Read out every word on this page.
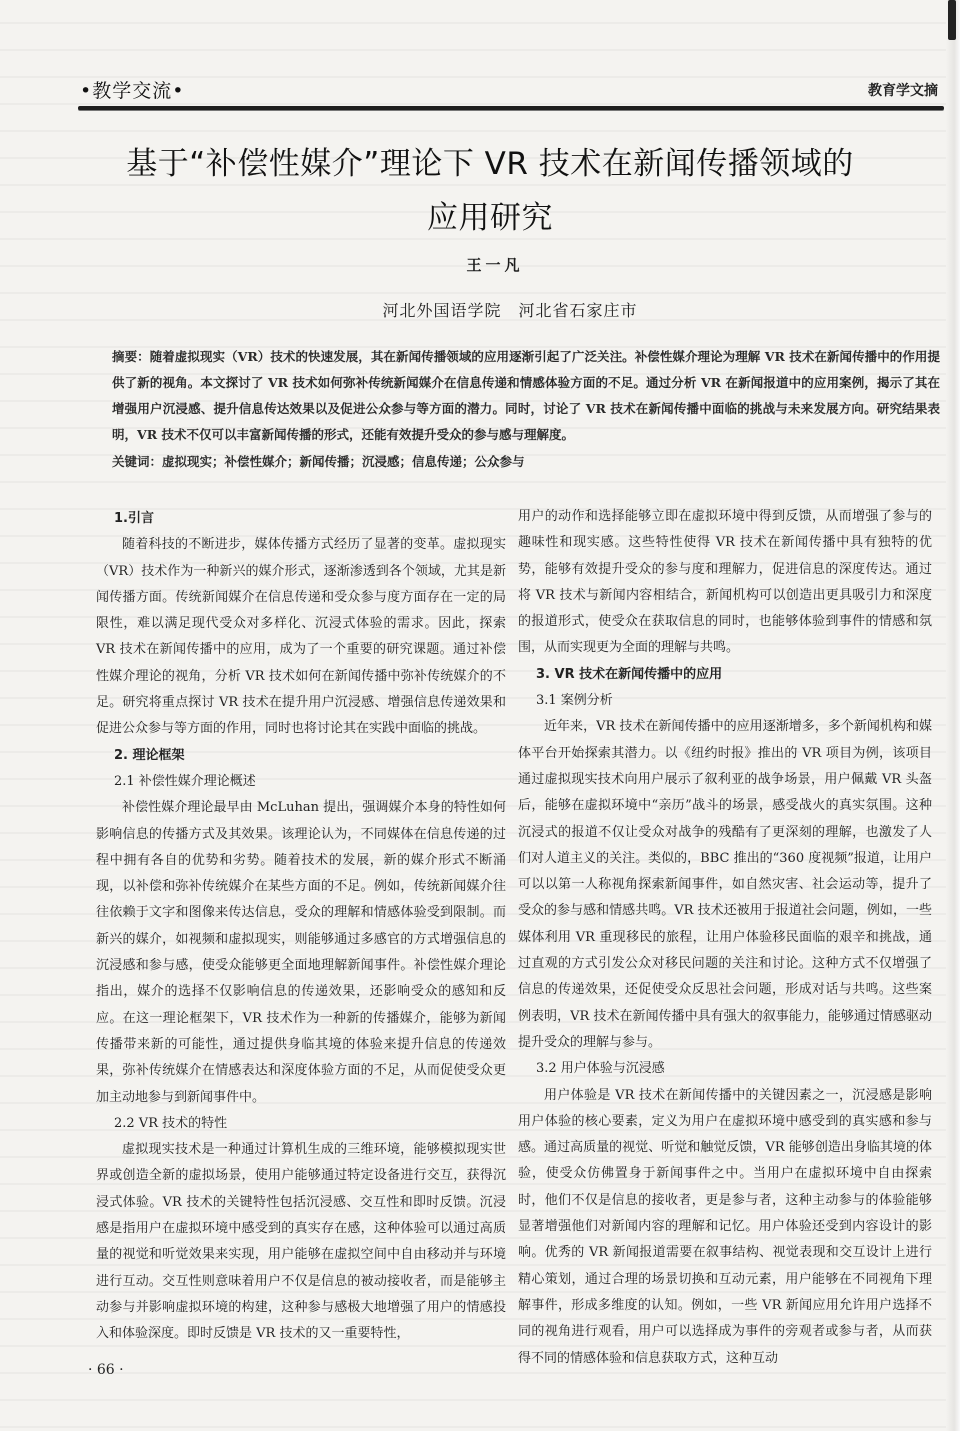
•教学交流•	教育学文摘
基于“补偿性媒介”理论下 VR 技术在新闻传播领域的
应用研究
王一凡
河北外国语学院　河北省石家庄市
摘要：随着虚拟现实（VR）技术的快速发展，其在新闻传播领域的应用逐渐引起了广泛关注。补偿性媒介理论为理解 VR 技术在新闻传播中的作用提供了新的视角。本文探讨了 VR 技术如何弥补传统新闻媒介在信息传递和情感体验方面的不足。通过分析 VR 在新闻报道中的应用案例，揭示了其在增强用户沉浸感、提升信息传达效果以及促进公众参与等方面的潜力。同时，讨论了 VR 技术在新闻传播中面临的挑战与未来发展方向。研究结果表明，VR 技术不仅可以丰富新闻传播的形式，还能有效提升受众的参与感与理解度。
关键词：虚拟现实；补偿性媒介；新闻传播；沉浸感；信息传递；公众参与
1.引言

随着科技的不断进步，媒体传播方式经历了显著的变革。虚拟现实（VR）技术作为一种新兴的媒介形式，逐渐渗透到各个领域，尤其是新闻传播方面。传统新闻媒介在信息传递和受众参与度方面存在一定的局限性，难以满足现代受众对多样化、沉浸式体验的需求。因此，探索 VR 技术在新闻传播中的应用，成为了一个重要的研究课题。通过补偿性媒介理论的视角，分析 VR 技术如何在新闻传播中弥补传统媒介的不足。研究将重点探讨 VR 技术在提升用户沉浸感、增强信息传递效果和促进公众参与等方面的作用，同时也将讨论其在实践中面临的挑战。

2. 理论框架
2.1 补偿性媒介理论概述

补偿性媒介理论最早由 McLuhan 提出，强调媒介本身的特性如何影响信息的传播方式及其效果。该理论认为，不同媒体在信息传递的过程中拥有各自的优势和劣势。随着技术的发展，新的媒介形式不断涌现，以补偿和弥补传统媒介在某些方面的不足。例如，传统新闻媒介往往依赖于文字和图像来传达信息，受众的理解和情感体验受到限制。而新兴的媒介，如视频和虚拟现实，则能够通过多感官的方式增强信息的沉浸感和参与感，使受众能够更全面地理解新闻事件。补偿性媒介理论指出，媒介的选择不仅影响信息的传递效果，还影响受众的感知和反应。在这一理论框架下，VR 技术作为一种新的传播媒介，能够为新闻传播带来新的可能性，通过提供身临其境的体验来提升信息的传递效果，弥补传统媒介在情感表达和深度体验方面的不足，从而促使受众更加主动地参与到新闻事件中。

2.2 VR 技术的特性

虚拟现实技术是一种通过计算机生成的三维环境，能够模拟现实世界或创造全新的虚拟场景，使用户能够通过特定设备进行交互，获得沉浸式体验。VR 技术的关键特性包括沉浸感、交互性和即时反馈。沉浸感是指用户在虚拟环境中感受到的真实存在感，这种体验可以通过高质量的视觉和听觉效果来实现，用户能够在虚拟空间中自由移动并与环境进行互动。交互性则意味着用户不仅是信息的被动接收者，而是能够主动参与并影响虚拟环境的构建，这种参与感极大地增强了用户的情感投入和体验深度。即时反馈是 VR 技术的又一重要特性，

用户的动作和选择能够立即在虚拟环境中得到反馈，从而增强了参与的趣味性和现实感。这些特性使得 VR 技术在新闻传播中具有独特的优势，能够有效提升受众的参与度和理解力，促进信息的深度传达。通过将 VR 技术与新闻内容相结合，新闻机构可以创造出更具吸引力和深度的报道形式，使受众在获取信息的同时，也能够体验到事件的情感和氛围，从而实现更为全面的理解与共鸣。

3. VR 技术在新闻传播中的应用
3.1 案例分析

近年来，VR 技术在新闻传播中的应用逐渐增多，多个新闻机构和媒体平台开始探索其潜力。以《纽约时报》推出的 VR 项目为例，该项目通过虚拟现实技术向用户展示了叙利亚的战争场景，用户佩戴 VR 头盔后，能够在虚拟环境中“亲历”战斗的场景，感受战火的真实氛围。这种沉浸式的报道不仅让受众对战争的残酷有了更深刻的理解，也激发了人们对人道主义的关注。类似的，BBC 推出的“360 度视频”报道，让用户可以以第一人称视角探索新闻事件，如自然灾害、社会运动等，提升了受众的参与感和情感共鸣。VR 技术还被用于报道社会问题，例如，一些媒体利用 VR 重现移民的旅程，让用户体验移民面临的艰辛和挑战，通过直观的方式引发公众对移民问题的关注和讨论。这种方式不仅增强了信息的传递效果，还促使受众反思社会问题，形成对话与共鸣。这些案例表明，VR 技术在新闻传播中具有强大的叙事能力，能够通过情感驱动提升受众的理解与参与。

3.2 用户体验与沉浸感

用户体验是 VR 技术在新闻传播中的关键因素之一，沉浸感是影响用户体验的核心要素，定义为用户在虚拟环境中感受到的真实感和参与感。通过高质量的视觉、听觉和触觉反馈，VR 能够创造出身临其境的体验，使受众仿佛置身于新闻事件之中。当用户在虚拟环境中自由探索时，他们不仅是信息的接收者，更是参与者，这种主动参与的体验能够显著增强他们对新闻内容的理解和记忆。用户体验还受到内容设计的影响。优秀的 VR 新闻报道需要在叙事结构、视觉表现和交互设计上进行精心策划，通过合理的场景切换和互动元素，用户能够在不同视角下理解事件，形成多维度的认知。例如，一些 VR 新闻应用允许用户选择不同的视角进行观看，用户可以选择成为事件的旁观者或参与者，从而获得不同的情感体验和信息获取方式，这种互动

· 66 ·
